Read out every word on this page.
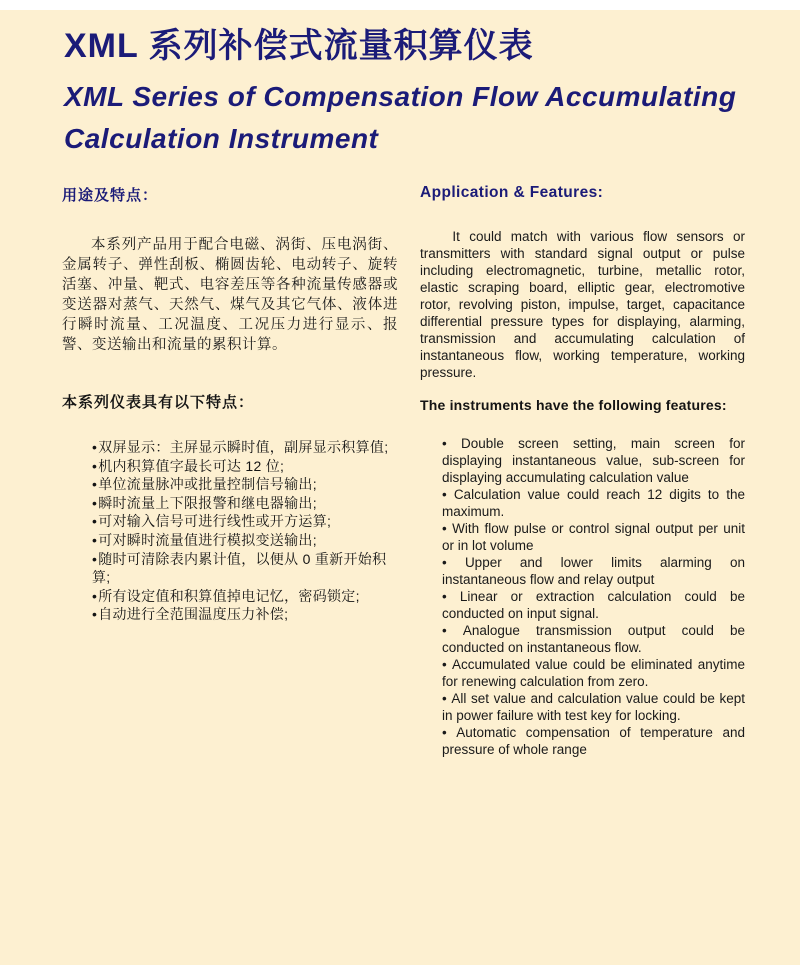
XML 系列补偿式流量积算仪表
XML Series of Compensation Flow Accumulating
Calculation Instrument
用途及特点：
本系列产品用于配合电磁、涡街、压电涡街、金属转子、弹性刮板、椭圆齿轮、电动转子、旋转活塞、冲量、靶式、电容差压等各种流量传感器或变送器对蒸气、天然气、煤气及其它气体、液体进行瞬时流量、工况温度、工况压力进行显示、报警、变送输出和流量的累积计算。
本系列仪表具有以下特点：
• 双屏显示：主屏显示瞬时值，副屏显示积算值;
• 机内积算值字最长可达 12 位;
• 单位流量脉冲或批量控制信号输出;
• 瞬时流量上下限报警和继电器输出;
• 可对输入信号可进行线性或开方运算;
• 可对瞬时流量值进行模拟变送输出;
• 随时可清除表内累计值，以便从 0 重新开始积算;
• 所有设定值和积算值掉电记忆，密码锁定;
• 自动进行全范围温度压力补偿;
Application & Features:
It could match with various flow sensors or transmitters with standard signal output or pulse including electromagnetic, turbine, metallic rotor, elastic scraping board, elliptic gear, electromotive rotor, revolving piston, impulse, target, capacitance differential pressure types for displaying, alarming, transmission and accumulating calculation of instantaneous flow, working temperature, working pressure.
The instruments have the following features:
• Double screen setting, main screen for displaying instantaneous value, sub-screen for displaying accumulating calculation value
• Calculation value could reach 12 digits to the maximum.
• With flow pulse or control signal output per unit or in lot volume
• Upper and lower limits alarming on instantaneous flow and relay output
• Linear or extraction calculation could be conducted on input signal.
• Analogue transmission output could be conducted on instantaneous flow.
• Accumulated value could be eliminated anytime for renewing calculation from zero.
• All set value and calculation value could be kept in power failure with test key for locking.
• Automatic compensation of temperature and pressure of whole range
